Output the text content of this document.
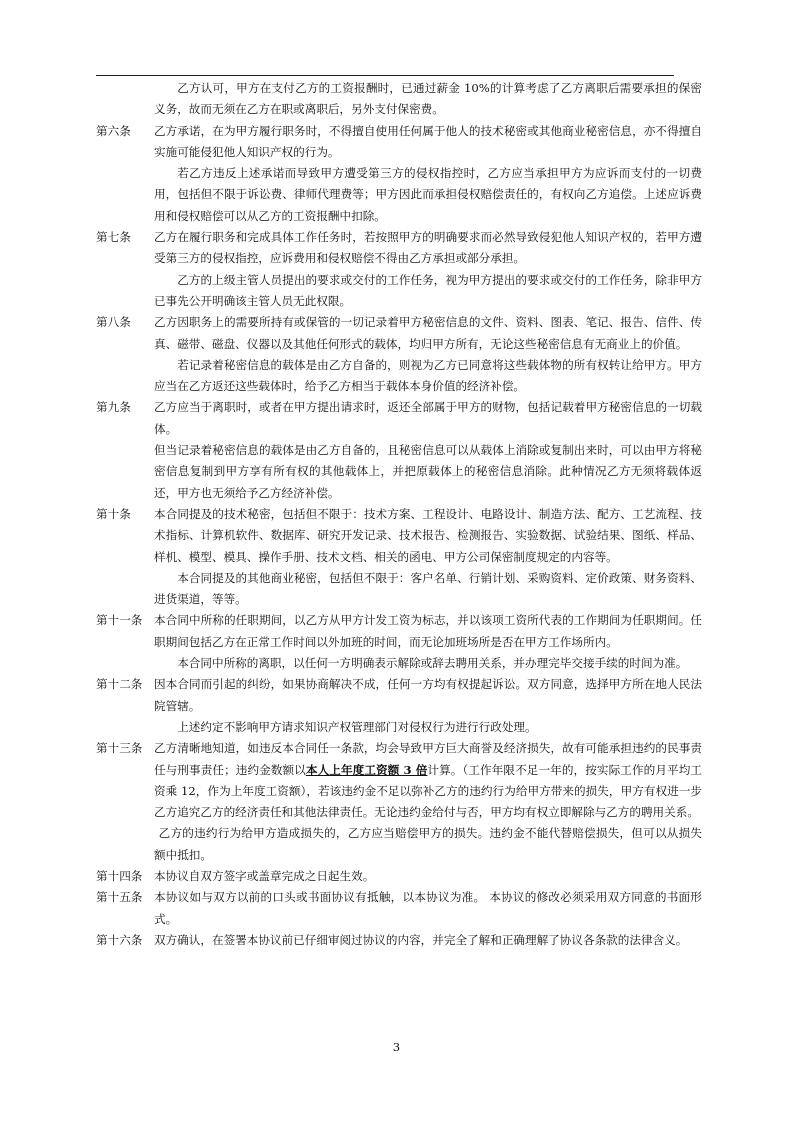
乙方认可，甲方在支付乙方的工资报酬时，已通过薪金 10%的计算考虑了乙方离职后需要承担的保密义务，故而无须在乙方在职或离职后，另外支付保密费。

第六条	乙方承诺，在为甲方履行职务时，不得擅自使用任何属于他人的技术秘密或其他商业秘密信息，亦不得擅自实施可能侵犯他人知识产权的行为。

若乙方违反上述承诺而导致甲方遭受第三方的侵权指控时，乙方应当承担甲方为应诉而支付的一切费用，包括但不限于诉讼费、律师代理费等；甲方因此而承担侵权赔偿责任的，有权向乙方追偿。上述应诉费用和侵权赔偿可以从乙方的工资报酬中扣除。

第七条	乙方在履行职务和完成具体工作任务时，若按照甲方的明确要求而必然导致侵犯他人知识产权的，若甲方遭受第三方的侵权指控，应诉费用和侵权赔偿不得由乙方承担或部分承担。

乙方的上级主管人员提出的要求或交付的工作任务，视为甲方提出的要求或交付的工作任务，除非甲方已事先公开明确该主管人员无此权限。

第八条	乙方因职务上的需要所持有或保管的一切记录着甲方秘密信息的文件、资料、图表、笔记、报告、信件、传真、磁带、磁盘、仪器以及其他任何形式的载体，均归甲方所有，无论这些秘密信息有无商业上的价值。

若记录着秘密信息的载体是由乙方自备的，则视为乙方已同意将这些载体物的所有权转让给甲方。甲方应当在乙方返还这些载体时，给予乙方相当于载体本身价值的经济补偿。

第九条	乙方应当于离职时，或者在甲方提出请求时，返还全部属于甲方的财物，包括记载着甲方秘密信息的一切载体。

但当记录着秘密信息的载体是由乙方自备的，且秘密信息可以从载体上消除或复制出来时，可以由甲方将秘密信息复制到甲方享有所有权的其他载体上，并把原载体上的秘密信息消除。此种情况乙方无须将载体返还，甲方也无须给予乙方经济补偿。

第十条	本合同提及的技术秘密，包括但不限于：技术方案、工程设计、电路设计、制造方法、配方、工艺流程、技术指标、计算机软件、数据库、研究开发记录、技术报告、检测报告、实验数据、试验结果、图纸、样品、样机、模型、模具、操作手册、技术文档、相关的函电、甲方公司保密制度规定的内容等。

本合同提及的其他商业秘密，包括但不限于：客户名单、行销计划、采购资料、定价政策、财务资料、进货渠道，等等。

第十一条	本合同中所称的任职期间，以乙方从甲方计发工资为标志，并以该项工资所代表的工作期间为任职期间。任职期间包括乙方在正常工作时间以外加班的时间，而无论加班场所是否在甲方工作场所内。

本合同中所称的离职，以任何一方明确表示解除或辞去聘用关系，并办理完毕交接手续的时间为准。

第十二条	因本合同而引起的纠纷，如果协商解决不成，任何一方均有权提起诉讼。双方同意，选择甲方所在地人民法院管辖。

上述约定不影响甲方请求知识产权管理部门对侵权行为进行行政处理。

第十三条	乙方清晰地知道，如违反本合同任一条款，均会导致甲方巨大商誉及经济损失，故有可能承担违约的民事责任与刑事责任；违约金数额以本人上年度工资额 3 倍计算。（工作年限不足一年的，按实际工作的月平均工资乘 12，作为上年度工资额），若该违约金不足以弥补乙方的违约行为给甲方带来的损失，甲方有权进一步乙方追究乙方的经济责任和其他法律责任。无论违约金给付与否，甲方均有权立即解除与乙方的聘用关系。

乙方的违约行为给甲方造成损失的，乙方应当赔偿甲方的损失。违约金不能代替赔偿损失，但可以从损失额中抵扣。

第十四条	本协议自双方签字或盖章完成之日起生效。
第十五条	本协议如与双方以前的口头或书面协议有抵触，以本协议为准。 本协议的修改必须采用双方同意的书面形式。
第十六条	双方确认，在签署本协议前已仔细审阅过协议的内容，并完全了解和正确理解了协议各条款的法律含义。
3
